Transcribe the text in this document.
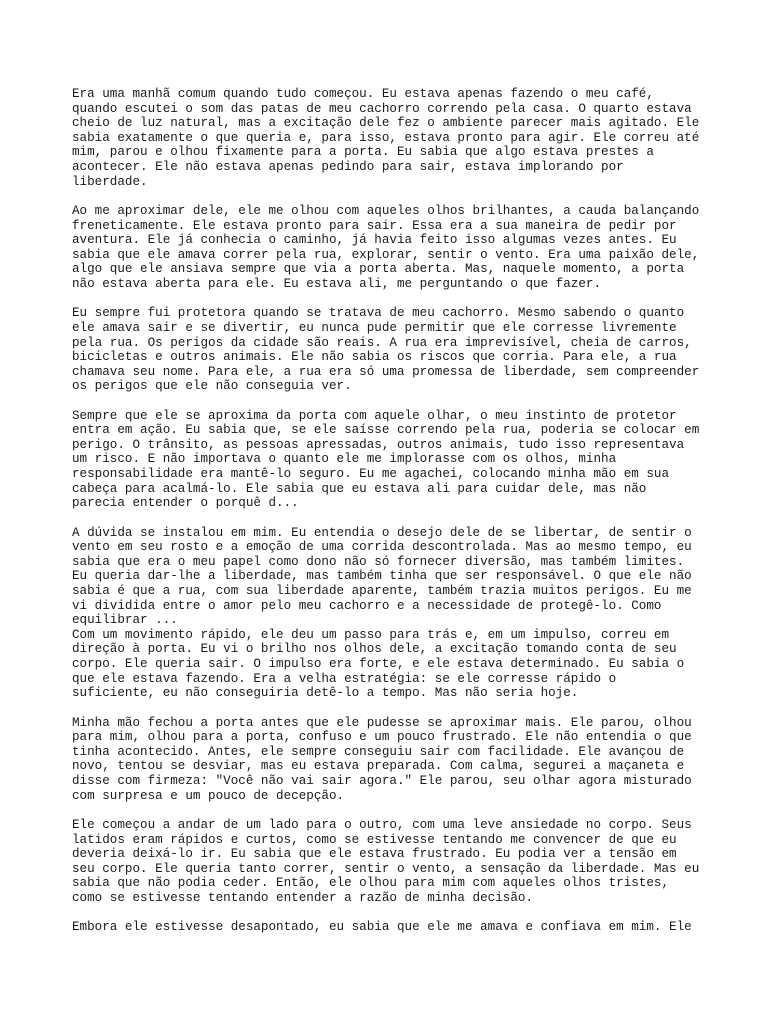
Era uma manhã comum quando tudo começou. Eu estava apenas fazendo o meu café,
quando escutei o som das patas de meu cachorro correndo pela casa. O quarto estava
cheio de luz natural, mas a excitação dele fez o ambiente parecer mais agitado. Ele
sabia exatamente o que queria e, para isso, estava pronto para agir. Ele correu até
mim, parou e olhou fixamente para a porta. Eu sabia que algo estava prestes a
acontecer. Ele não estava apenas pedindo para sair, estava implorando por
liberdade.

Ao me aproximar dele, ele me olhou com aqueles olhos brilhantes, a cauda balançando
freneticamente. Ele estava pronto para sair. Essa era a sua maneira de pedir por
aventura. Ele já conhecia o caminho, já havia feito isso algumas vezes antes. Eu
sabia que ele amava correr pela rua, explorar, sentir o vento. Era uma paixão dele,
algo que ele ansiava sempre que via a porta aberta. Mas, naquele momento, a porta
não estava aberta para ele. Eu estava ali, me perguntando o que fazer.

Eu sempre fui protetora quando se tratava de meu cachorro. Mesmo sabendo o quanto
ele amava sair e se divertir, eu nunca pude permitir que ele corresse livremente
pela rua. Os perigos da cidade são reais. A rua era imprevisível, cheia de carros,
bicicletas e outros animais. Ele não sabia os riscos que corria. Para ele, a rua
chamava seu nome. Para ele, a rua era só uma promessa de liberdade, sem compreender
os perigos que ele não conseguia ver.

Sempre que ele se aproxima da porta com aquele olhar, o meu instinto de protetor
entra em ação. Eu sabia que, se ele saísse correndo pela rua, poderia se colocar em
perigo. O trânsito, as pessoas apressadas, outros animais, tudo isso representava
um risco. E não importava o quanto ele me implorasse com os olhos, minha
responsabilidade era mantê-lo seguro. Eu me agachei, colocando minha mão em sua
cabeça para acalmá-lo. Ele sabia que eu estava ali para cuidar dele, mas não
parecia entender o porquê d...

A dúvida se instalou em mim. Eu entendia o desejo dele de se libertar, de sentir o
vento em seu rosto e a emoção de uma corrida descontrolada. Mas ao mesmo tempo, eu
sabia que era o meu papel como dono não só fornecer diversão, mas também limites.
Eu queria dar-lhe a liberdade, mas também tinha que ser responsável. O que ele não
sabia é que a rua, com sua liberdade aparente, também trazia muitos perigos. Eu me
vi dividida entre o amor pelo meu cachorro e a necessidade de protegê-lo. Como
equilibrar ...

Com um movimento rápido, ele deu um passo para trás e, em um impulso, correu em
direção à porta. Eu vi o brilho nos olhos dele, a excitação tomando conta de seu
corpo. Ele queria sair. O impulso era forte, e ele estava determinado. Eu sabia o
que ele estava fazendo. Era a velha estratégia: se ele corresse rápido o
suficiente, eu não conseguiria detê-lo a tempo. Mas não seria hoje.

Minha mão fechou a porta antes que ele pudesse se aproximar mais. Ele parou, olhou
para mim, olhou para a porta, confuso e um pouco frustrado. Ele não entendia o que
tinha acontecido. Antes, ele sempre conseguiu sair com facilidade. Ele avançou de
novo, tentou se desviar, mas eu estava preparada. Com calma, segurei a maçaneta e
disse com firmeza: "Você não vai sair agora." Ele parou, seu olhar agora misturado
com surpresa e um pouco de decepção.

Ele começou a andar de um lado para o outro, com uma leve ansiedade no corpo. Seus
latidos eram rápidos e curtos, como se estivesse tentando me convencer de que eu
deveria deixá-lo ir. Eu sabia que ele estava frustrado. Eu podia ver a tensão em
seu corpo. Ele queria tanto correr, sentir o vento, a sensação da liberdade. Mas eu
sabia que não podia ceder. Então, ele olhou para mim com aqueles olhos tristes,
como se estivesse tentando entender a razão de minha decisão.

Embora ele estivesse desapontado, eu sabia que ele me amava e confiava em mim. Ele
